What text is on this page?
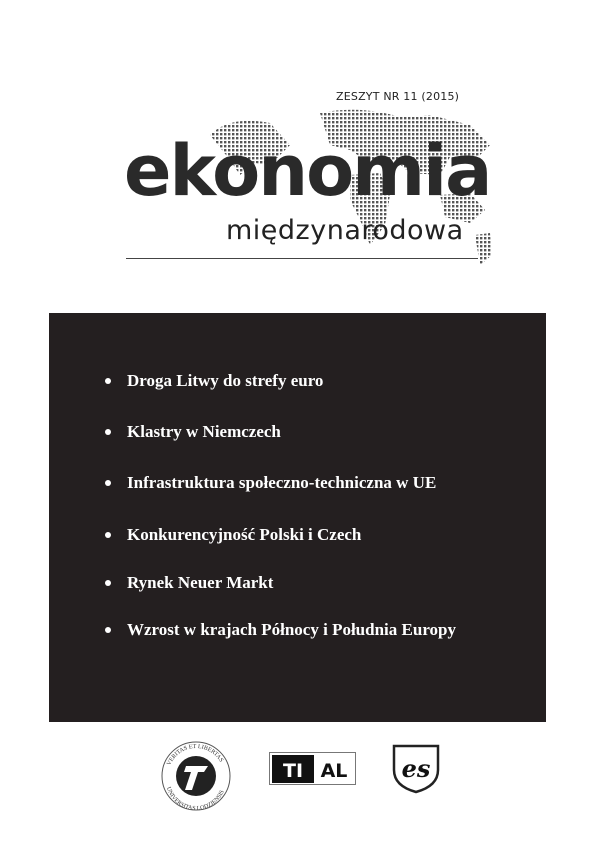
ZESZYT NR 11 (2015)
ekonomia
międzynarodowa
Droga Litwy do strefy euro
Klastry w Niemczech
Infrastruktura społeczno-techniczna w UE
Konkurencyjność Polski i Czech
Rynek Neuer Markt
Wzrost w krajach Północy i Południa Europy
VERITAS ET LIBERTAS
UNIVERSITAS LODZIENSIS
TI AL es
